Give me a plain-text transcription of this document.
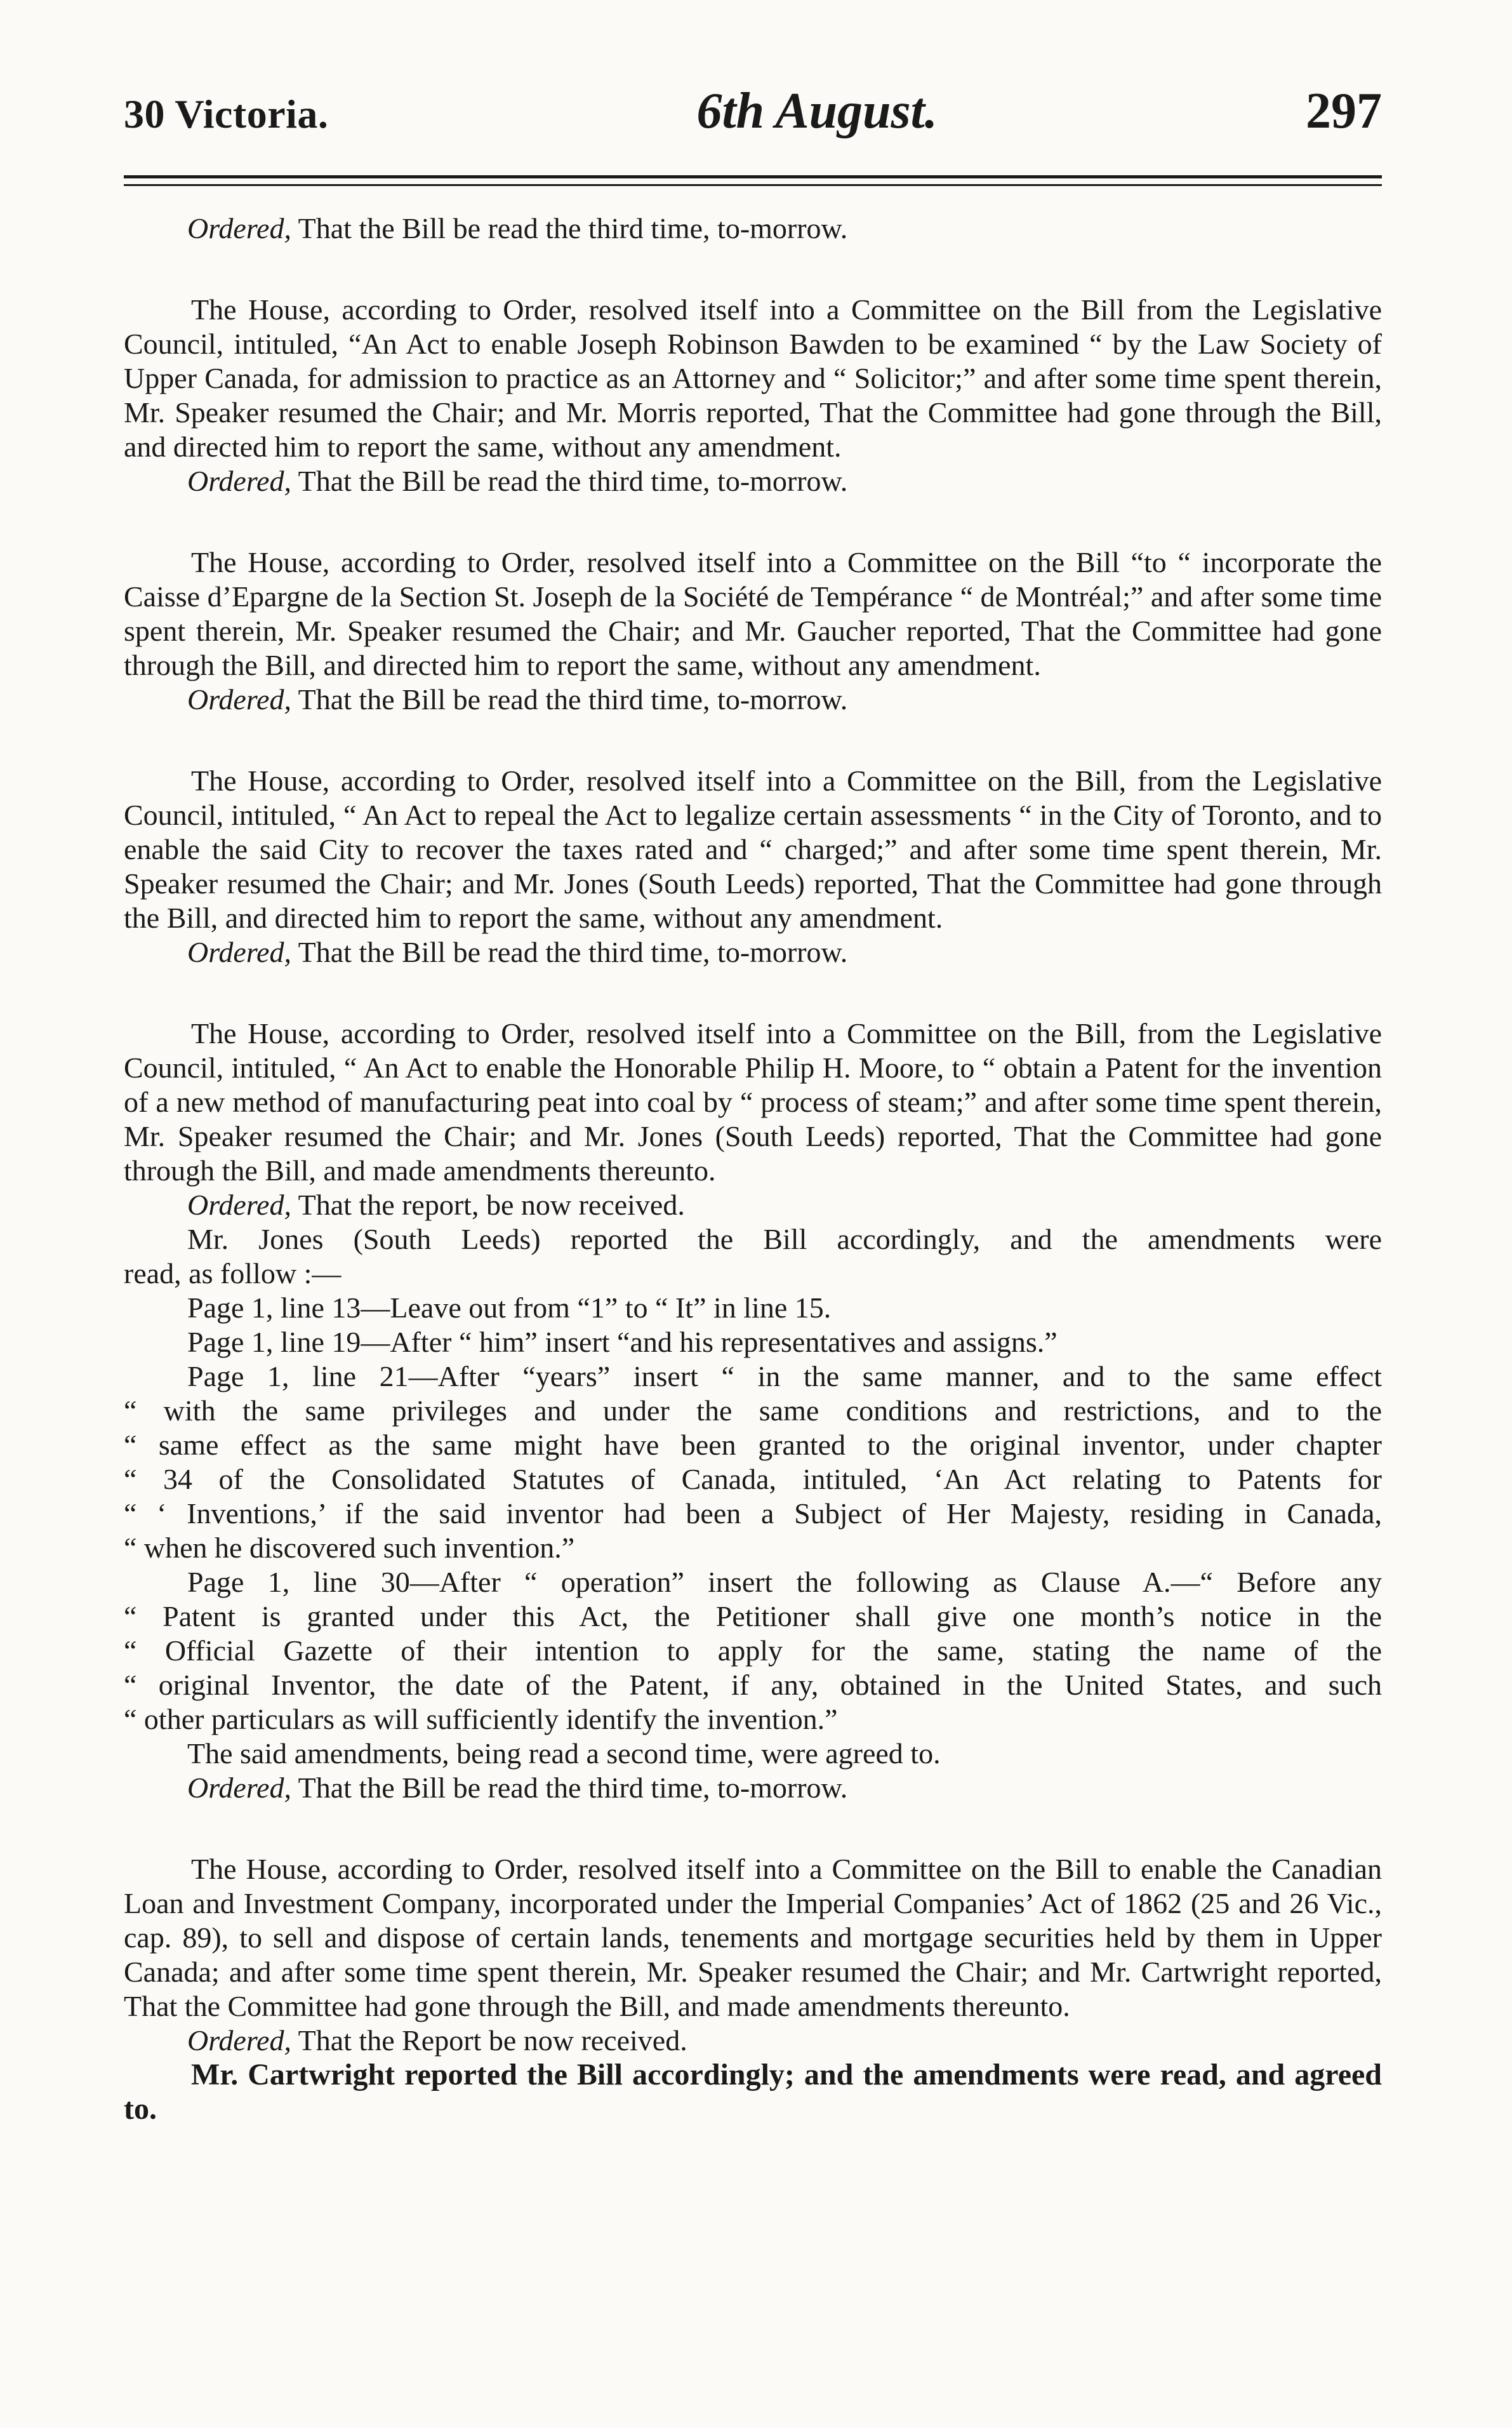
30 Victoria.	6th August.	297

Ordered, That the Bill be read the third time, to-morrow.

The House, according to Order, resolved itself into a Committee on the Bill from the Legislative Council, intituled, “An Act to enable Joseph Robinson Bawden to be examined “ by the Law Society of Upper Canada, for admission to practice as an Attorney and “ Solicitor;” and after some time spent therein, Mr. Speaker resumed the Chair; and Mr. Morris reported, That the Committee had gone through the Bill, and directed him to report the same, without any amendment.

Ordered, That the Bill be read the third time, to-morrow.

The House, according to Order, resolved itself into a Committee on the Bill “to “ incorporate the Caisse d’Epargne de la Section St. Joseph de la Société de Tempérance “ de Montréal;” and after some time spent therein, Mr. Speaker resumed the Chair; and Mr. Gaucher reported, That the Committee had gone through the Bill, and directed him to report the same, without any amendment.

Ordered, That the Bill be read the third time, to-morrow.

The House, according to Order, resolved itself into a Committee on the Bill, from the Legislative Council, intituled, “ An Act to repeal the Act to legalize certain assessments “ in the City of Toronto, and to enable the said City to recover the taxes rated and “ charged;” and after some time spent therein, Mr. Speaker resumed the Chair; and Mr. Jones (South Leeds) reported, That the Committee had gone through the Bill, and directed him to report the same, without any amendment.

Ordered, That the Bill be read the third time, to-morrow.

The House, according to Order, resolved itself into a Committee on the Bill, from the Legislative Council, intituled, “ An Act to enable the Honorable Philip H. Moore, to “ obtain a Patent for the invention of a new method of manufacturing peat into coal by “ process of steam;” and after some time spent therein, Mr. Speaker resumed the Chair; and Mr. Jones (South Leeds) reported, That the Committee had gone through the Bill, and made amendments thereunto.

Ordered, That the report, be now received.

Mr. Jones (South Leeds) reported the Bill accordingly, and the amendments were
read, as follow :—
Page 1, line 13—Leave out from “1” to “ It” in line 15.
Page 1, line 19—After “ him” insert “and his representatives and assigns.”
Page 1, line 21—After “years” insert “ in the same manner, and to the same effect
“ with the same privileges and under the same conditions and restrictions, and to the
“ same effect as the same might have been granted to the original inventor, under chapter
“ 34 of the Consolidated Statutes of Canada, intituled, ‘An Act relating to Patents for
“ ‘ Inventions,’ if the said inventor had been a Subject of Her Majesty, residing in Canada,
“ when he discovered such invention.”
Page 1, line 30—After “ operation” insert the following as Clause A.—“ Before any
“ Patent is granted under this Act, the Petitioner shall give one month’s notice in the
“ Official Gazette of their intention to apply for the same, stating the name of the
“ original Inventor, the date of the Patent, if any, obtained in the United States, and such
“ other particulars as will sufficiently identify the invention.”
The said amendments, being read a second time, were agreed to.

Ordered, That the Bill be read the third time, to-morrow.

The House, according to Order, resolved itself into a Committee on the Bill to enable the Canadian Loan and Investment Company, incorporated under the Imperial Companies’ Act of 1862 (25 and 26 Vic., cap. 89), to sell and dispose of certain lands, tenements and mortgage securities held by them in Upper Canada; and after some time spent therein, Mr. Speaker resumed the Chair; and Mr. Cartwright reported, That the Committee had gone through the Bill, and made amendments thereunto.

Ordered, That the Report be now received.

Mr. Cartwright reported the Bill accordingly; and the amendments were read, and agreed to.
